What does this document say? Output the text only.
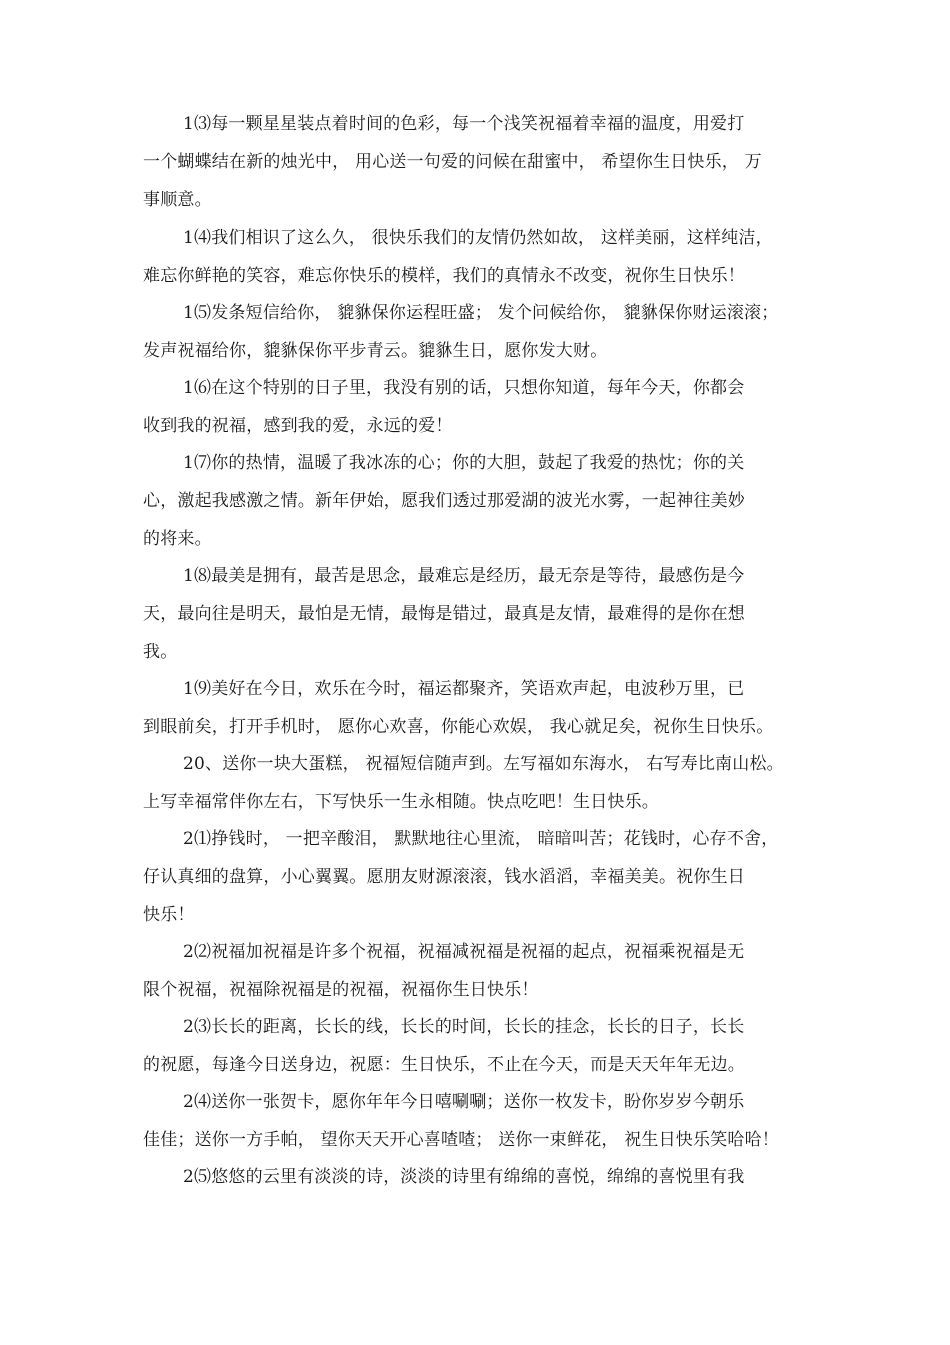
1⑶每一颗星星装点着时间的色彩，每一个浅笑祝福着幸福的温度，用爱打
一个蝴蝶结在新的烛光中， 用心送一句爱的问候在甜蜜中， 希望你生日快乐， 万
事顺意。
1⑷我们相识了这么久， 很快乐我们的友情仍然如故， 这样美丽，这样纯洁，
难忘你鲜艳的笑容，难忘你快乐的模样，我们的真情永不改变，祝你生日快乐！
1⑸发条短信给你， 貔貅保你运程旺盛； 发个问候给你， 貔貅保你财运滚滚；
发声祝福给你，貔貅保你平步青云。貔貅生日，愿你发大财。
1⑹在这个特别的日子里，我没有别的话，只想你知道，每年今天，你都会
收到我的祝福，感到我的爱，永远的爱！
1⑺你的热情，温暖了我冰冻的心；你的大胆，鼓起了我爱的热忱；你的关
心，激起我感激之情。新年伊始，愿我们透过那爱湖的波光水雾，一起神往美妙
的将来。
1⑻最美是拥有，最苦是思念，最难忘是经历，最无奈是等待，最感伤是今
天，最向往是明天，最怕是无情，最悔是错过，最真是友情，最难得的是你在想
我。
1⑼美好在今日，欢乐在今时，福运都聚齐，笑语欢声起，电波秒万里，已
到眼前矣，打开手机时， 愿你心欢喜，你能心欢娱， 我心就足矣，祝你生日快乐。
20、送你一块大蛋糕， 祝福短信随声到。左写福如东海水， 右写寿比南山松。
上写幸福常伴你左右，下写快乐一生永相随。快点吃吧！生日快乐。
2⑴挣钱时， 一把辛酸泪， 默默地往心里流， 暗暗叫苦；花钱时，心存不舍，
仔认真细的盘算，小心翼翼。愿朋友财源滚滚，钱水滔滔，幸福美美。祝你生日
快乐！
2⑵祝福加祝福是许多个祝福，祝福减祝福是祝福的起点，祝福乘祝福是无
限个祝福，祝福除祝福是的祝福，祝福你生日快乐！
2⑶长长的距离，长长的线，长长的时间，长长的挂念，长长的日子，长长
的祝愿，每逢今日送身边，祝愿：生日快乐，不止在今天，而是天天年年无边。
2⑷送你一张贺卡，愿你年年今日嘻唰唰；送你一枚发卡，盼你岁岁今朝乐
佳佳；送你一方手帕， 望你天天开心喜喳喳； 送你一束鲜花， 祝生日快乐笑哈哈！
2⑸悠悠的云里有淡淡的诗，淡淡的诗里有绵绵的喜悦，绵绵的喜悦里有我
